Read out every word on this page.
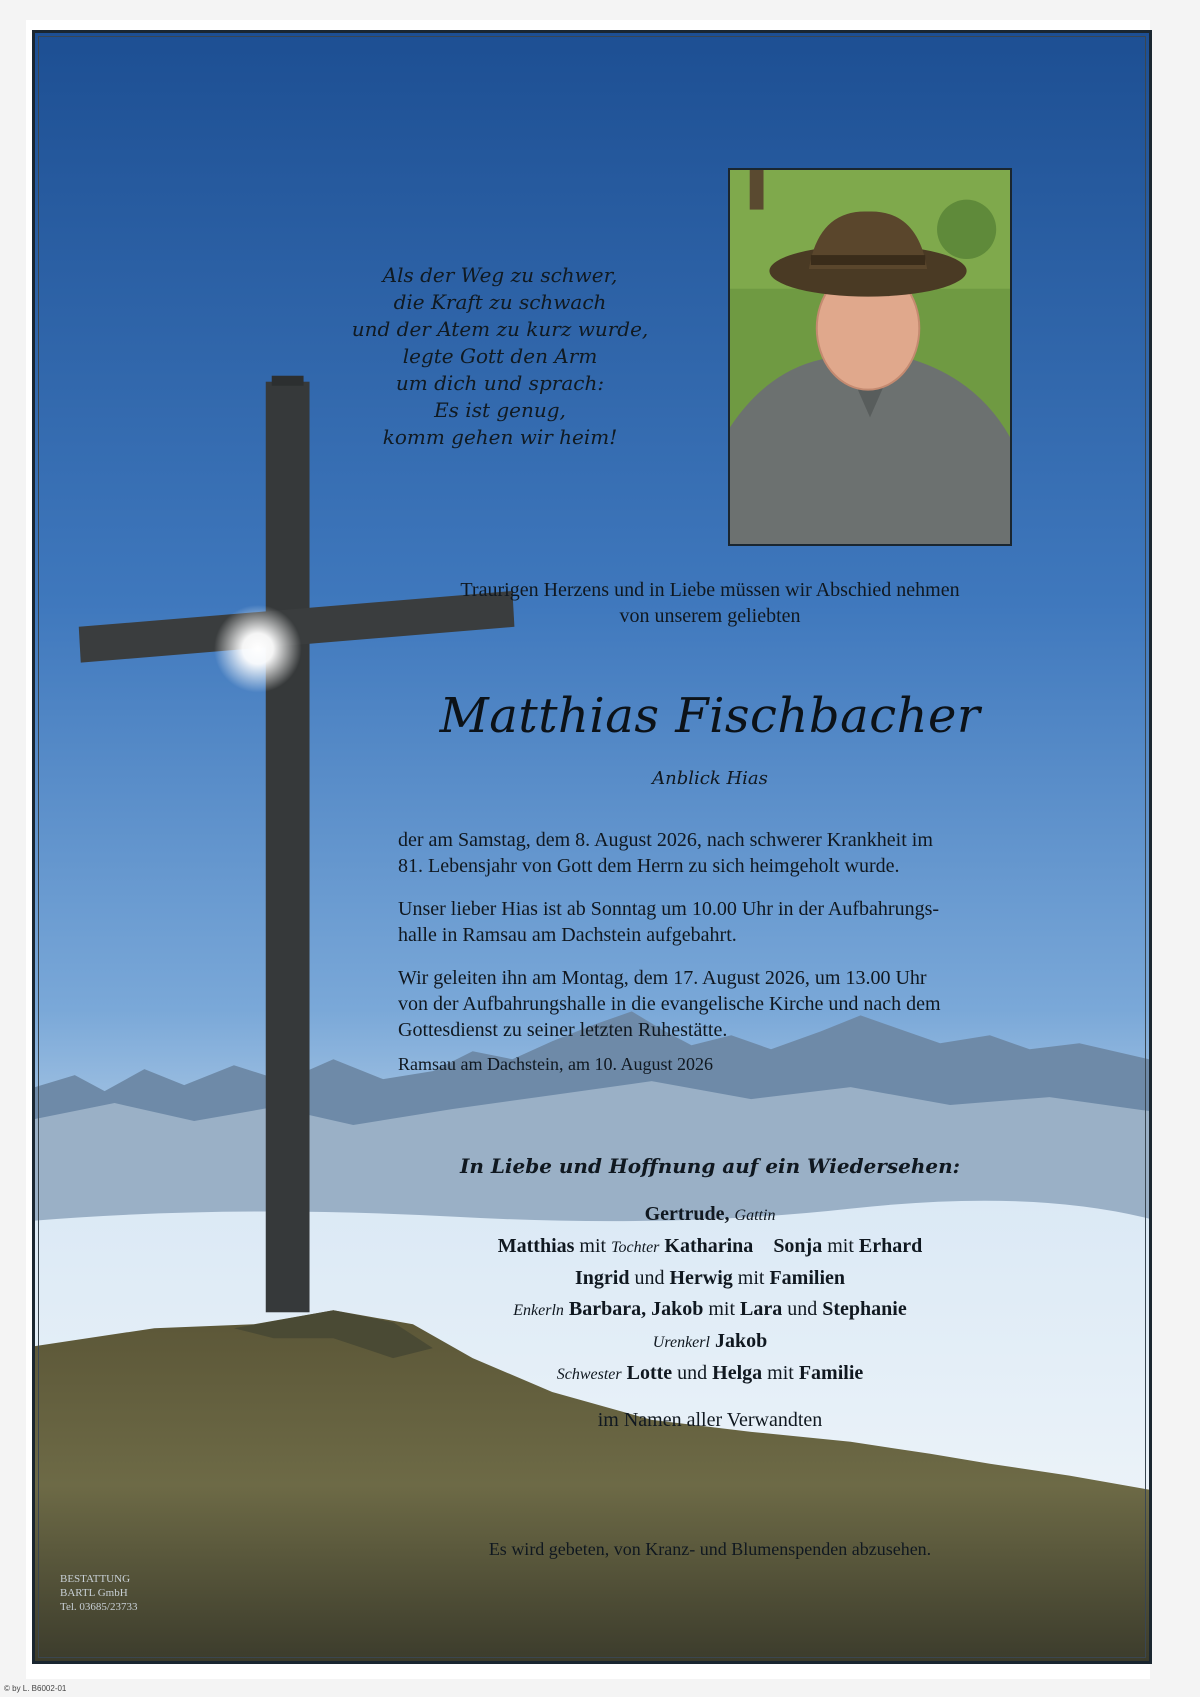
Als der Weg zu schwer,
die Kraft zu schwach
und der Atem zu kurz wurde,
legte Gott den Arm
um dich und sprach:
Es ist genug,
komm gehen wir heim!
Traurigen Herzens und in Liebe müssen wir Abschied nehmen
von unserem geliebten
Matthias Fischbacher
Anblick Hias
der am Samstag, dem 8. August 2026, nach schwerer Krankheit im
81. Lebensjahr von Gott dem Herrn zu sich heimgeholt wurde.
Unser lieber Hias ist ab Sonntag um 10.00 Uhr in der Aufbahrungs-
halle in Ramsau am Dachstein aufgebahrt.
Wir geleiten ihn am Montag, dem 17. August 2026, um 13.00 Uhr
von der Aufbahrungshalle in die evangelische Kirche und nach dem
Gottesdienst zu seiner letzten Ruhestätte.
Ramsau am Dachstein, am 10. August 2026
In Liebe und Hoffnung auf ein Wiedersehen:
Gertrude, Gattin
Matthias mit Tochter Katharina Sonja mit Erhard
Ingrid und Herwig mit Familien
Enkerln Barbara, Jakob mit Lara und Stephanie
Urenkerl Jakob
Schwester Lotte und Helga mit Familie
im Namen aller Verwandten
Es wird gebeten, von Kranz- und Blumenspenden abzusehen.
BESTATTUNG
BARTL GmbH
Tel. 03685/23733
© by L. B6002-01
